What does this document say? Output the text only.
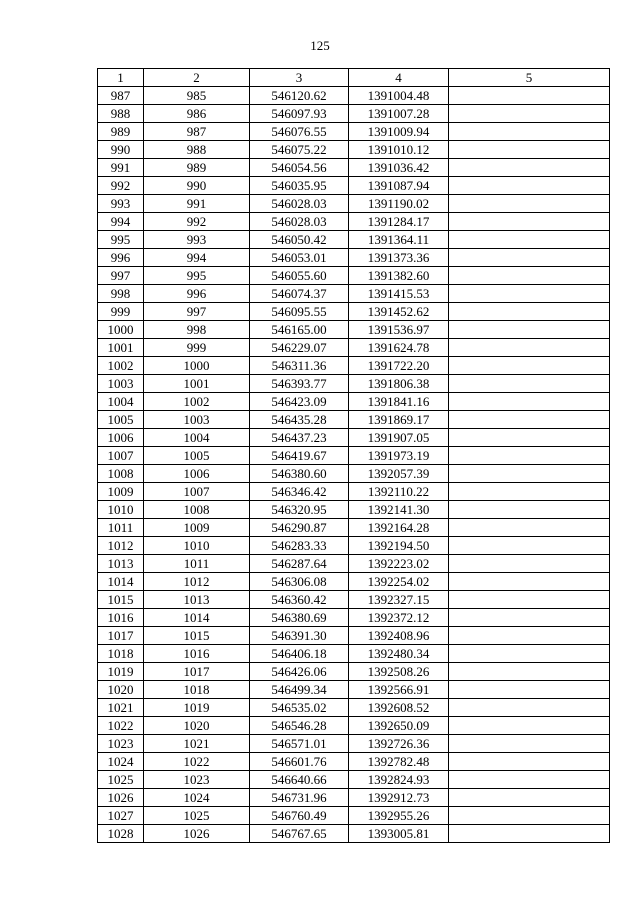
125
1	2	3	4	5
987	985	546120.62	1391004.48	
988	986	546097.93	1391007.28	
989	987	546076.55	1391009.94	
990	988	546075.22	1391010.12	
991	989	546054.56	1391036.42	
992	990	546035.95	1391087.94	
993	991	546028.03	1391190.02	
994	992	546028.03	1391284.17	
995	993	546050.42	1391364.11	
996	994	546053.01	1391373.36	
997	995	546055.60	1391382.60	
998	996	546074.37	1391415.53	
999	997	546095.55	1391452.62	
1000	998	546165.00	1391536.97	
1001	999	546229.07	1391624.78	
1002	1000	546311.36	1391722.20	
1003	1001	546393.77	1391806.38	
1004	1002	546423.09	1391841.16	
1005	1003	546435.28	1391869.17	
1006	1004	546437.23	1391907.05	
1007	1005	546419.67	1391973.19	
1008	1006	546380.60	1392057.39	
1009	1007	546346.42	1392110.22	
1010	1008	546320.95	1392141.30	
1011	1009	546290.87	1392164.28	
1012	1010	546283.33	1392194.50	
1013	1011	546287.64	1392223.02	
1014	1012	546306.08	1392254.02	
1015	1013	546360.42	1392327.15	
1016	1014	546380.69	1392372.12	
1017	1015	546391.30	1392408.96	
1018	1016	546406.18	1392480.34	
1019	1017	546426.06	1392508.26	
1020	1018	546499.34	1392566.91	
1021	1019	546535.02	1392608.52	
1022	1020	546546.28	1392650.09	
1023	1021	546571.01	1392726.36	
1024	1022	546601.76	1392782.48	
1025	1023	546640.66	1392824.93	
1026	1024	546731.96	1392912.73	
1027	1025	546760.49	1392955.26	
1028	1026	546767.65	1393005.81	
